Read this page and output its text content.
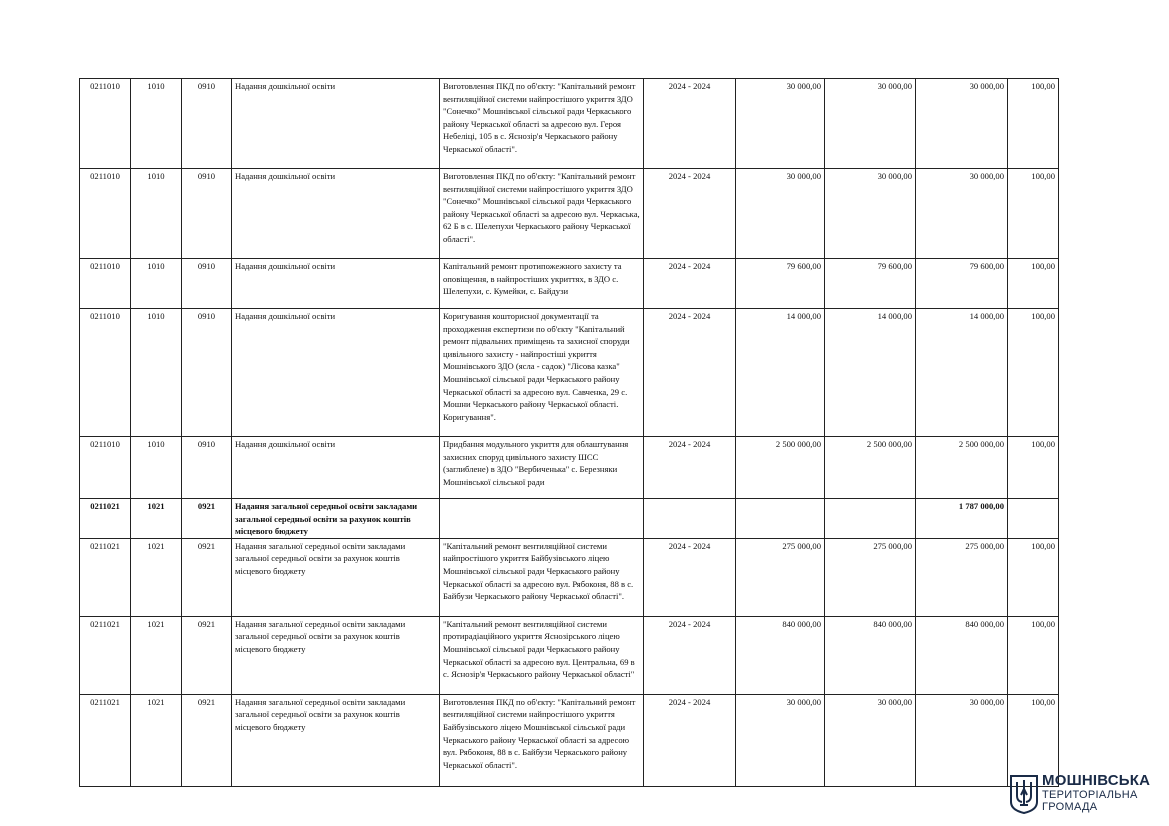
0211010	1010	0910	Надання дошкільної освіти	Виготовлення ПКД по об'єкту: "Капітальний ремонт вентиляційної системи найпростішого укриття ЗДО "Сонечко" Мошнівської сільської ради Черкаського району Черкаської області за адресою вул. Героя Небеліці, 105 в с. Яснозір'я Черкаського району Черкаської області".	2024 - 2024	30 000,00	30 000,00	30 000,00	100,00
0211010	1010	0910	Надання дошкільної освіти	Виготовлення ПКД по об'єкту: "Капітальний ремонт вентиляційної системи найпростішого укриття ЗДО "Сонечко" Мошнівської сільської ради Черкаського району Черкаської області за адресою вул. Черкаська, 62 Б в с. Шелепухи Черкаського району Черкаської області".	2024 - 2024	30 000,00	30 000,00	30 000,00	100,00
0211010	1010	0910	Надання дошкільної освіти	Капітальний ремонт протипожежного захисту та оповіщення, в найпростіших укриттях, в ЗДО с. Шелепухи, с. Кумейки, с. Байдузи	2024 - 2024	79 600,00	79 600,00	79 600,00	100,00
0211010	1010	0910	Надання дошкільної освіти	Коригування кошторисної документації та проходження експертизи по об'єкту "Капітальний ремонт підвальних приміщень та захисної споруди цивільного захисту - найпростіші укриття Мошнівського ЗДО (ясла - садок) "Лісова казка" Мошнівської сільської ради Черкаського району Черкаської області за адресою вул. Савченка, 29 с. Мошни Черкаського району Черкаської області. Коригування".	2024 - 2024	14 000,00	14 000,00	14 000,00	100,00
0211010	1010	0910	Надання дошкільної освіти	Придбання модульного укриття для облаштування захисних споруд цивільного захисту ШСС (заглиблене) в ЗДО "Вербиченька" с. Березняки Мошнівської сільської ради	2024 - 2024	2 500 000,00	2 500 000,00	2 500 000,00	100,00
0211021	1021	0921	Надання загальної середньої освіти закладами загальної середньої освіти за рахунок коштів місцевого бюджету					1 787 000,00	
0211021	1021	0921	Надання загальної середньої освіти закладами загальної середньої освіти за рахунок коштів місцевого бюджету	"Капітальний ремонт вентиляційної системи найпростішого укриття Байбузівського ліцею Мошнівської сільської ради Черкаського району Черкаської області за адресою вул. Рябоконя, 88 в с. Байбузи Черкаського району Черкаської області".	2024 - 2024	275 000,00	275 000,00	275 000,00	100,00
0211021	1021	0921	Надання загальної середньої освіти закладами загальної середньої освіти за рахунок коштів місцевого бюджету	"Капітальний ремонт вентиляційної системи протирадіаційного укриття Яснозірського ліцею Мошнівської сільської ради Черкаського району Черкаської області за адресою вул. Центральна, 69 в с. Яснозір'я Черкаського району Черкаської області"	2024 - 2024	840 000,00	840 000,00	840 000,00	100,00
0211021	1021	0921	Надання загальної середньої освіти закладами загальної середньої освіти за рахунок коштів місцевого бюджету	Виготовлення ПКД по об'єкту: "Капітальний ремонт вентиляційної системи найпростішого укриття Байбузівського ліцею Мошнівської сільської ради Черкаського району Черкаської області за адресою вул. Рябоконя, 88 в с. Байбузи Черкаського району Черкаської області".	2024 - 2024	30 000,00	30 000,00	30 000,00	100,00
МОШНІВСЬКА
ТЕРИТОРІАЛЬНА
ГРОМАДА
